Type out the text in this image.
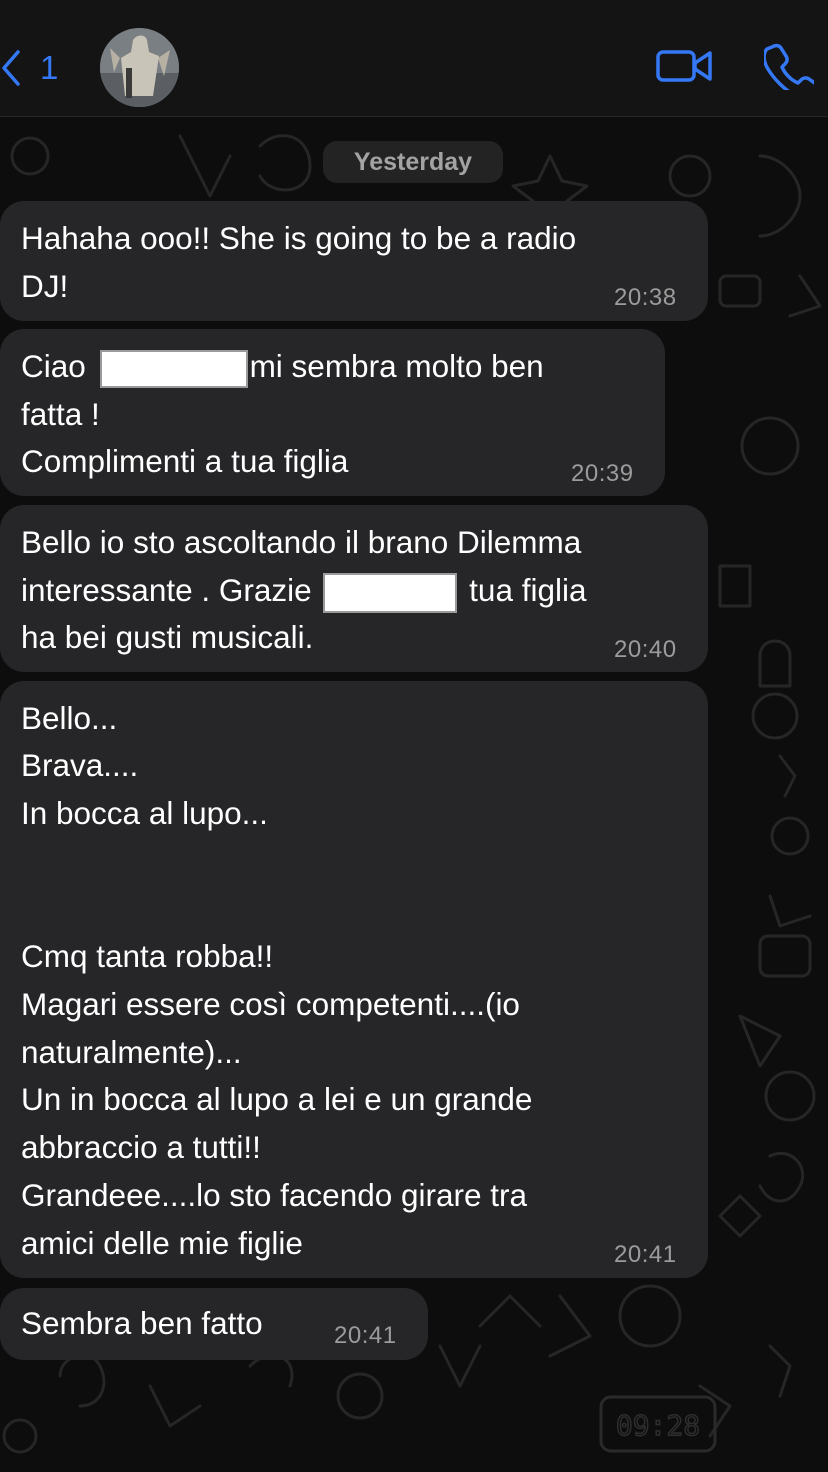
1
Yesterday
Hahaha ooo!! She is going to be a radio
DJ!	20:38
Ciao	mi sembra molto ben
fatta !
Complimenti a tua figlia	20:39
Bello io sto ascoltando il brano Dilemma
interessante . Grazie	tua figlia
ha bei gusti musicali.	20:40
Bello...
Brava....
In bocca al lupo...
Cmq tanta robba!!
Magari essere così competenti....(io
naturalmente)...
Un in bocca al lupo a lei e un grande
abbraccio a tutti!!
Grandeee....lo sto facendo girare tra
amici delle mie figlie	20:41
Sembra ben fatto	20:41
09:28
